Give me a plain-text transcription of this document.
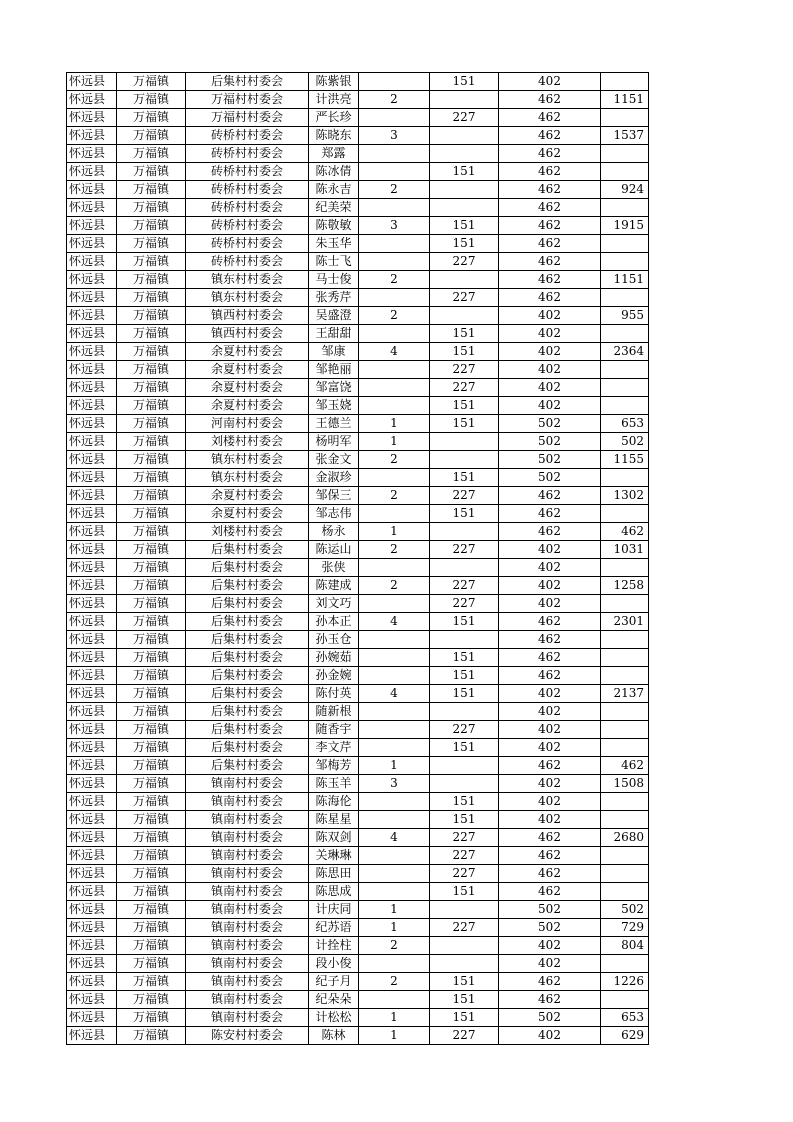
怀远县	万福镇	后集村村委会	陈紫银		151	402	
怀远县	万福镇	万福村村委会	计洪亮	2		462	1151
怀远县	万福镇	万福村村委会	严长珍		227	462	
怀远县	万福镇	砖桥村村委会	陈晓东	3		462	1537
怀远县	万福镇	砖桥村村委会	郑露			462	
怀远县	万福镇	砖桥村村委会	陈冰倩		151	462	
怀远县	万福镇	砖桥村村委会	陈永吉	2		462	924
怀远县	万福镇	砖桥村村委会	纪美荣			462	
怀远县	万福镇	砖桥村村委会	陈敬敏	3	151	462	1915
怀远县	万福镇	砖桥村村委会	朱玉华		151	462	
怀远县	万福镇	砖桥村村委会	陈士飞		227	462	
怀远县	万福镇	镇东村村委会	马士俊	2		462	1151
怀远县	万福镇	镇东村村委会	张秀芹		227	462	
怀远县	万福镇	镇西村村委会	吴盛澄	2		402	955
怀远县	万福镇	镇西村村委会	王甜甜		151	402	
怀远县	万福镇	余夏村村委会	邹康	4	151	402	2364
怀远县	万福镇	余夏村村委会	邹艳丽		227	402	
怀远县	万福镇	余夏村村委会	邹富饶		227	402	
怀远县	万福镇	余夏村村委会	邹玉娆		151	402	
怀远县	万福镇	河南村村委会	王德兰	1	151	502	653
怀远县	万福镇	刘楼村村委会	杨明军	1		502	502
怀远县	万福镇	镇东村村委会	张金文	2		502	1155
怀远县	万福镇	镇东村村委会	金淑珍		151	502	
怀远县	万福镇	余夏村村委会	邹保三	2	227	462	1302
怀远县	万福镇	余夏村村委会	邹志伟		151	462	
怀远县	万福镇	刘楼村村委会	杨永	1		462	462
怀远县	万福镇	后集村村委会	陈运山	2	227	402	1031
怀远县	万福镇	后集村村委会	张侠			402	
怀远县	万福镇	后集村村委会	陈建成	2	227	402	1258
怀远县	万福镇	后集村村委会	刘文巧		227	402	
怀远县	万福镇	后集村村委会	孙本正	4	151	462	2301
怀远县	万福镇	后集村村委会	孙玉仓			462	
怀远县	万福镇	后集村村委会	孙婉茹		151	462	
怀远县	万福镇	后集村村委会	孙金婉		151	462	
怀远县	万福镇	后集村村委会	陈付英	4	151	402	2137
怀远县	万福镇	后集村村委会	随新根			402	
怀远县	万福镇	后集村村委会	随香宇		227	402	
怀远县	万福镇	后集村村委会	李文芹		151	402	
怀远县	万福镇	后集村村委会	邹梅芳	1		462	462
怀远县	万福镇	镇南村村委会	陈玉羊	3		402	1508
怀远县	万福镇	镇南村村委会	陈海伦		151	402	
怀远县	万福镇	镇南村村委会	陈星星		151	402	
怀远县	万福镇	镇南村村委会	陈双剑	4	227	462	2680
怀远县	万福镇	镇南村村委会	关琳琳		227	462	
怀远县	万福镇	镇南村村委会	陈思田		227	462	
怀远县	万福镇	镇南村村委会	陈思成		151	462	
怀远县	万福镇	镇南村村委会	计庆同	1		502	502
怀远县	万福镇	镇南村村委会	纪苏语	1	227	502	729
怀远县	万福镇	镇南村村委会	计拴柱	2		402	804
怀远县	万福镇	镇南村村委会	段小俊			402	
怀远县	万福镇	镇南村村委会	纪子月	2	151	462	1226
怀远县	万福镇	镇南村村委会	纪朵朵		151	462	
怀远县	万福镇	镇南村村委会	计松松	1	151	502	653
怀远县	万福镇	陈安村村委会	陈林	1	227	402	629
